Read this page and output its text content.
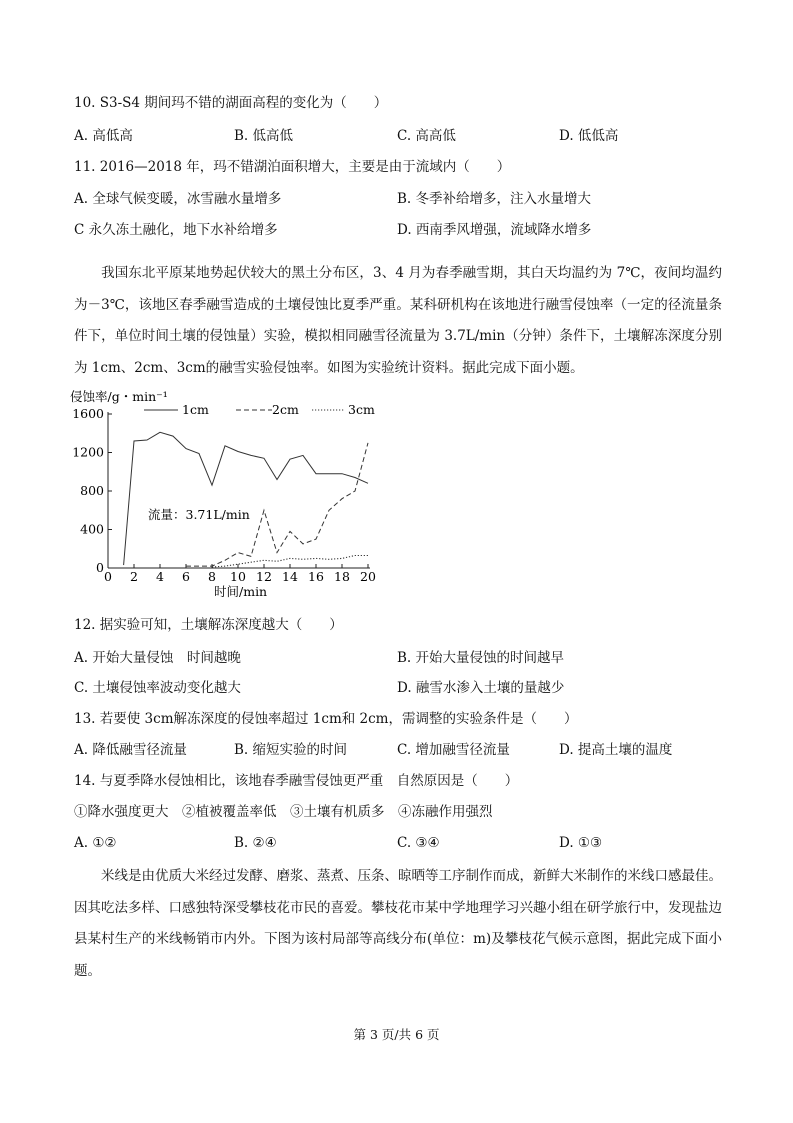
10. S3-S4 期间玛不错的湖面高程的变化为（　　）
A. 高低高	B. 低高低	C. 高高低	D. 低低高
11. 2016—2018 年，玛不错湖泊面积增大，主要是由于流域内（　　）
A. 全球气候变暖，冰雪融水量增多	B. 冬季补给增多，注入水量增大
C 永久冻土融化，地下水补给增多	D. 西南季风增强，流域降水增多
我国东北平原某地势起伏较大的黑土分布区，3、4 月为春季融雪期，其白天均温约为 7℃，夜间均温约为－3℃，该地区春季融雪造成的土壤侵蚀比夏季严重。某科研机构在该地进行融雪侵蚀率（一定的径流量条件下，单位时间土壤的侵蚀量）实验，模拟相同融雪径流量为 3.7L/min（分钟）条件下，土壤解冻深度分别为 1cm、2cm、3cm的融雪实验侵蚀率。如图为实验统计资料。据此完成下面小题。
侵蚀率/g・min⁻¹
1cm	2cm	3cm
0
400
800
1200
1600
0 2 4 6 8 10 12 14 16 18 20
流量：3.71L/min
时间/min
12. 据实验可知，土壤解冻深度越大（　　）
A. 开始大量侵蚀　时间越晚	B. 开始大量侵蚀的时间越早
C. 土壤侵蚀率波动变化越大	D. 融雪水渗入土壤的量越少
13. 若要使 3cm解冻深度的侵蚀率超过 1cm和 2cm，需调整的实验条件是（　　）
A. 降低融雪径流量	B. 缩短实验的时间	C. 增加融雪径流量	D. 提高土壤的温度
14. 与夏季降水侵蚀相比，该地春季融雪侵蚀更严重　自然原因是（　　）
①降水强度更大　②植被覆盖率低　③土壤有机质多　④冻融作用强烈
A. ①②	B. ②④	C. ③④	D. ①③
米线是由优质大米经过发酵、磨浆、蒸煮、压条、晾晒等工序制作而成，新鲜大米制作的米线口感最佳。因其吃法多样、口感独特深受攀枝花市民的喜爱。攀枝花市某中学地理学习兴趣小组在研学旅行中，发现盐边县某村生产的米线畅销市内外。下图为该村局部等高线分布(单位：m)及攀枝花气候示意图，据此完成下面小题。
第 3 页/共 6 页
